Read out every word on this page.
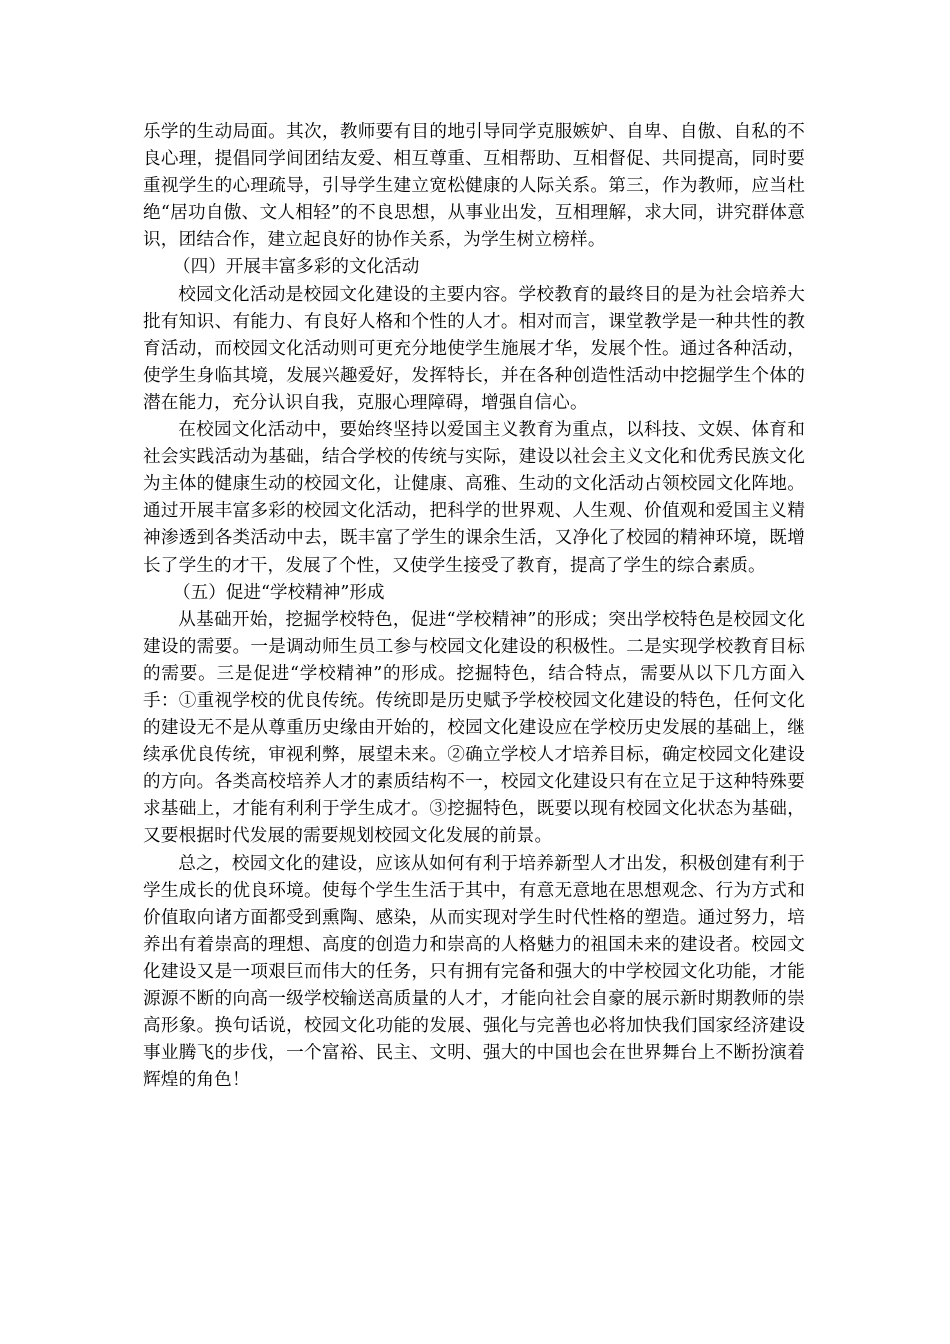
乐学的生动局面。其次，教师要有目的地引导同学克服嫉妒、自卑、自傲、自私的不良心理，提倡同学间团结友爱、相互尊重、互相帮助、互相督促、共同提高，同时要重视学生的心理疏导，引导学生建立宽松健康的人际关系。第三，作为教师，应当杜绝“居功自傲、文人相轻”的不良思想，从事业出发，互相理解，求大同，讲究群体意识，团结合作，建立起良好的协作关系，为学生树立榜样。

（四）开展丰富多彩的文化活动

校园文化活动是校园文化建设的主要内容。学校教育的最终目的是为社会培养大批有知识、有能力、有良好人格和个性的人才。相对而言，课堂教学是一种共性的教育活动，而校园文化活动则可更充分地使学生施展才华，发展个性。通过各种活动，使学生身临其境，发展兴趣爱好，发挥特长，并在各种创造性活动中挖掘学生个体的潜在能力，充分认识自我，克服心理障碍，增强自信心。

在校园文化活动中，要始终坚持以爱国主义教育为重点，以科技、文娱、体育和社会实践活动为基础，结合学校的传统与实际，建设以社会主义文化和优秀民族文化为主体的健康生动的校园文化，让健康、高雅、生动的文化活动占领校园文化阵地。通过开展丰富多彩的校园文化活动，把科学的世界观、人生观、价值观和爱国主义精神渗透到各类活动中去，既丰富了学生的课余生活，又净化了校园的精神环境，既增长了学生的才干，发展了个性，又使学生接受了教育，提高了学生的综合素质。

（五）促进“学校精神”形成

从基础开始，挖掘学校特色，促进“学校精神”的形成；突出学校特色是校园文化建设的需要。一是调动师生员工参与校园文化建设的积极性。二是实现学校教育目标的需要。三是促进“学校精神”的形成。挖掘特色，结合特点，需要从以下几方面入手：①重视学校的优良传统。传统即是历史赋予学校校园文化建设的特色，任何文化的建设无不是从尊重历史缘由开始的，校园文化建设应在学校历史发展的基础上，继续承优良传统，审视利弊，展望未来。②确立学校人才培养目标，确定校园文化建设的方向。各类高校培养人才的素质结构不一，校园文化建设只有在立足于这种特殊要求基础上，才能有利利于学生成才。③挖掘特色，既要以现有校园文化状态为基础，又要根据时代发展的需要规划校园文化发展的前景。

总之，校园文化的建设，应该从如何有利于培养新型人才出发，积极创建有利于学生成长的优良环境。使每个学生生活于其中，有意无意地在思想观念、行为方式和价值取向诸方面都受到熏陶、感染，从而实现对学生时代性格的塑造。通过努力，培养出有着崇高的理想、高度的创造力和崇高的人格魅力的祖国未来的建设者。校园文化建设又是一项艰巨而伟大的任务，只有拥有完备和强大的中学校园文化功能，才能源源不断的向高一级学校输送高质量的人才，才能向社会自豪的展示新时期教师的崇高形象。换句话说，校园文化功能的发展、强化与完善也必将加快我们国家经济建设事业腾飞的步伐，一个富裕、民主、文明、强大的中国也会在世界舞台上不断扮演着辉煌的角色！
